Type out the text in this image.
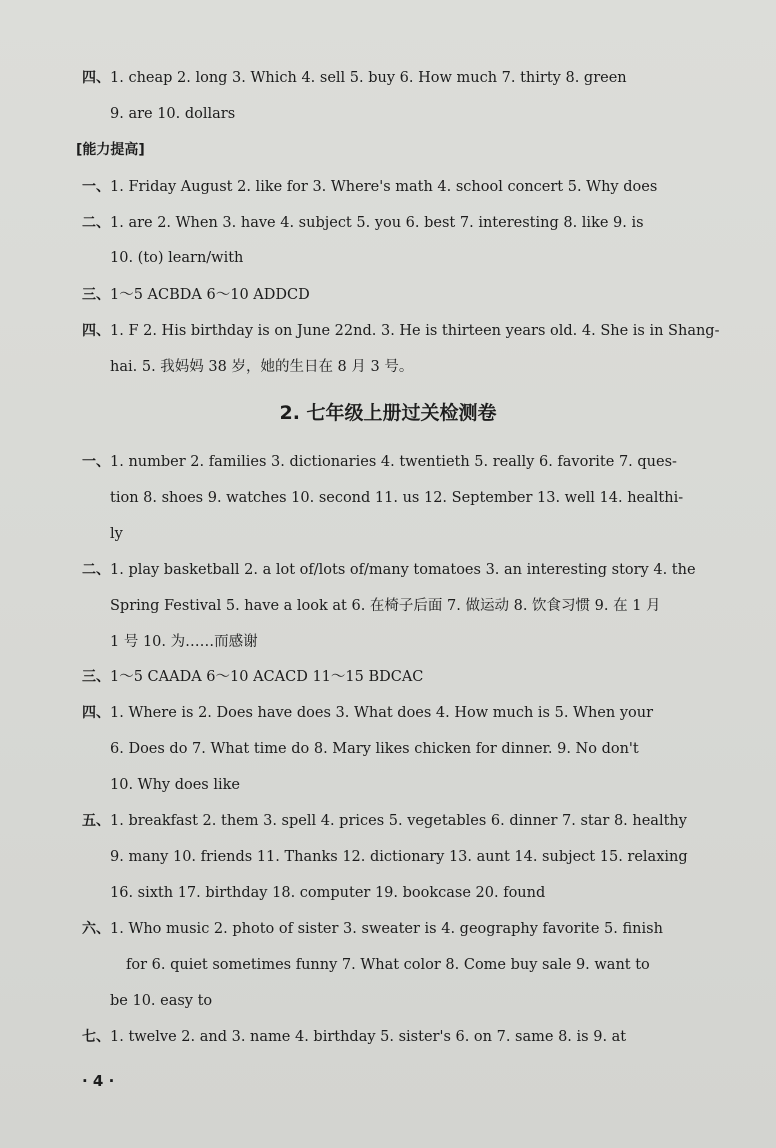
四、1. cheap 2. long 3. Which 4. sell 5. buy 6. How much 7. thirty 8. green
9. are 10. dollars
[能力提高]
一、1. Friday August 2. like for 3. Where's math 4. school concert 5. Why does
二、1. are 2. When 3. have 4. subject 5. you 6. best 7. interesting 8. like 9. is
10. (to) learn/with
三、1～5 ACBDA 6～10 ADDCD
四、1. F 2. His birthday is on June 22nd. 3. He is thirteen years old. 4. She is in Shang-
hai. 5. 我妈妈 38 岁，她的生日在 8 月 3 号。
2. 七年级上册过关检测卷
一、1. number 2. families 3. dictionaries 4. twentieth 5. really 6. favorite 7. ques-
tion 8. shoes 9. watches 10. second 11. us 12. September 13. well 14. healthi-
ly
二、1. play basketball 2. a lot of/lots of/many tomatoes 3. an interesting story 4. the
Spring Festival 5. have a look at 6. 在椅子后面 7. 做运动 8. 饮食习惯 9. 在 1 月
1 号 10. 为……而感谢
三、1～5 CAADA 6～10 ACACD 11～15 BDCAC
四、1. Where is 2. Does have does 3. What does 4. How much is 5. When your
6. Does do 7. What time do 8. Mary likes chicken for dinner. 9. No don't
10. Why does like
五、1. breakfast 2. them 3. spell 4. prices 5. vegetables 6. dinner 7. star 8. healthy
9. many 10. friends 11. Thanks 12. dictionary 13. aunt 14. subject 15. relaxing
16. sixth 17. birthday 18. computer 19. bookcase 20. found
六、1. Who music 2. photo of sister 3. sweater is 4. geography favorite 5. finish
for 6. quiet sometimes funny 7. What color 8. Come buy sale 9. want to
be 10. easy to
七、1. twelve 2. and 3. name 4. birthday 5. sister's 6. on 7. same 8. is 9. at
· 4 ·
